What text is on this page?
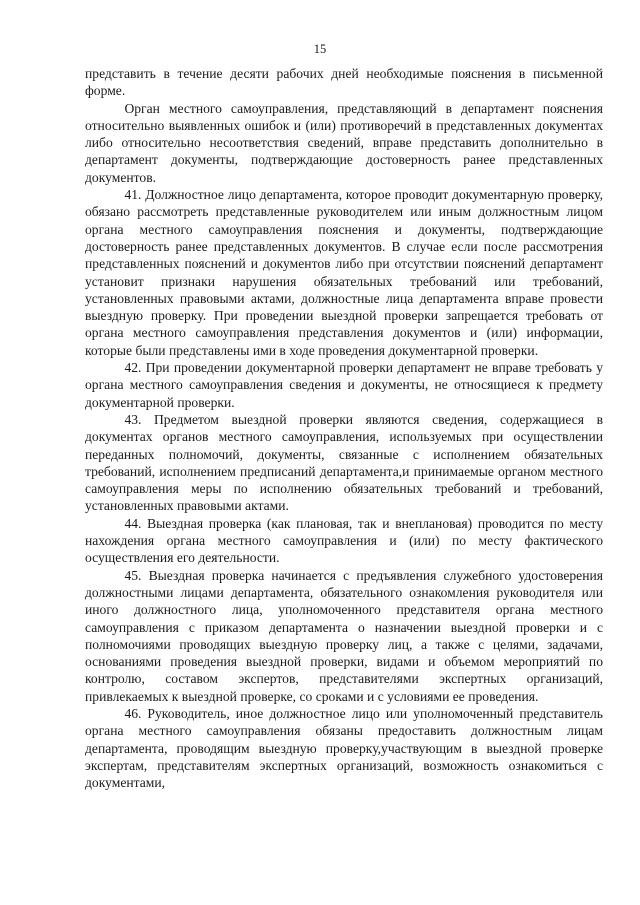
15

представить в течение десяти рабочих дней необходимые пояснения в письменной форме.

Орган местного самоуправления, представляющий в департамент пояснения относительно выявленных ошибок и (или) противоречий в представленных документах либо относительно несоответствия сведений, вправе представить дополнительно в департамент документы, подтверждающие достоверность ранее представленных документов.

41. Должностное лицо департамента, которое проводит документарную проверку, обязано рассмотреть представленные руководителем или иным должностным лицом органа местного самоуправления пояснения и документы, подтверждающие достоверность ранее представленных документов. В случае если после рассмотрения представленных пояснений и документов либо при отсутствии пояснений департамент установит признаки нарушения обязательных требований или требований, установленных правовыми актами, должностные лица департамента вправе провести выездную проверку. При проведении выездной проверки запрещается требовать от органа местного самоуправления представления документов и (или) информации, которые были представлены ими в ходе проведения документарной проверки.

42. При проведении документарной проверки департамент не вправе требовать у органа местного самоуправления сведения и документы, не относящиеся к предмету документарной проверки.

43. Предметом выездной проверки являются сведения, содержащиеся в документах органов местного самоуправления, используемых при осуществлении переданных полномочий, документы, связанные с исполнением обязательных требований, исполнением предписаний департамента,и принимаемые органом местного самоуправления меры по исполнению обязательных требований и требований, установленных правовыми актами.

44. Выездная проверка (как плановая, так и внеплановая) проводится по месту нахождения органа местного самоуправления и (или) по месту фактического осуществления его деятельности.

45. Выездная проверка начинается с предъявления служебного удостоверения должностными лицами департамента, обязательного ознакомления руководителя или иного должностного лица, уполномоченного представителя органа местного самоуправления с приказом департамента о назначении выездной проверки и с полномочиями проводящих выездную проверку лиц, а также с целями, задачами, основаниями проведения выездной проверки, видами и объемом мероприятий по контролю, составом экспертов, представителями экспертных организаций, привлекаемых к выездной проверке, со сроками и с условиями ее проведения.

46. Руководитель, иное должностное лицо или уполномоченный представитель органа местного самоуправления обязаны предоставить должностным лицам департамента, проводящим выездную проверку,участвующим в выездной проверке экспертам, представителям экспертных организаций, возможность ознакомиться с документами,
